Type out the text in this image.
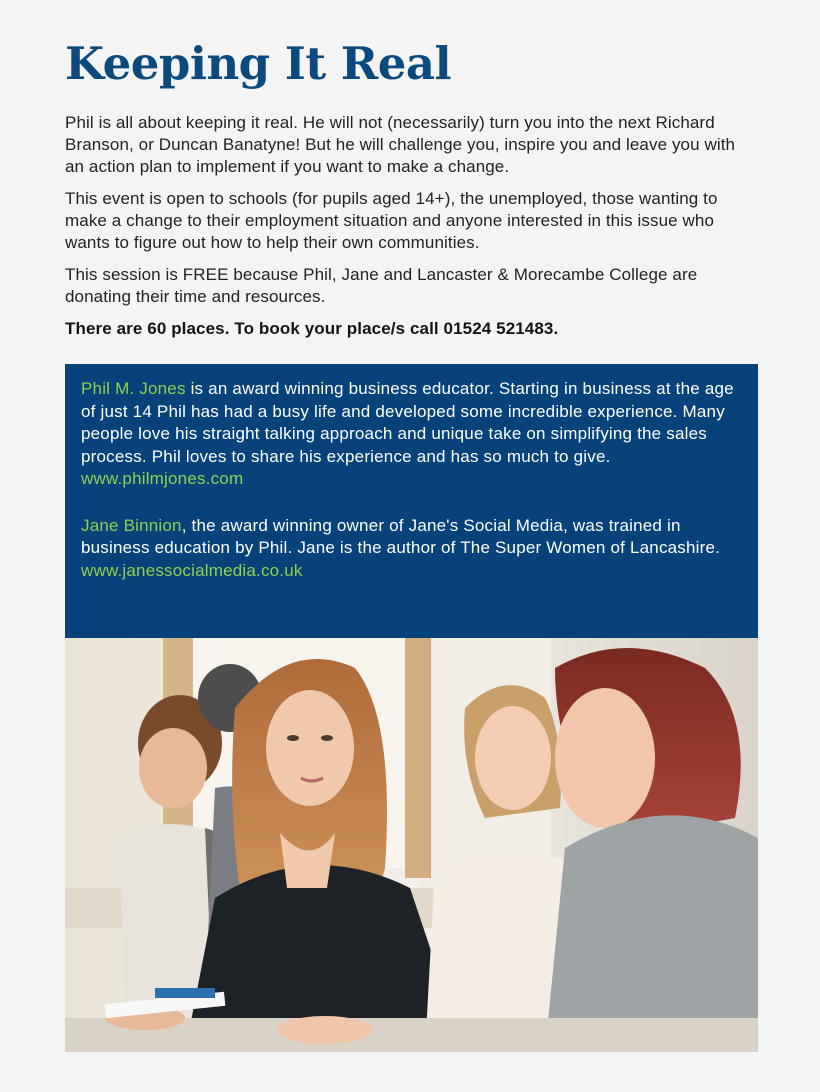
Keeping It Real

Phil is all about keeping it real. He will not (necessarily) turn you into the next Richard Branson, or Duncan Banatyne! But he will challenge you, inspire you and leave you with an action plan to implement if you want to make a change.

This event is open to schools (for pupils aged 14+), the unemployed, those wanting to make a change to their employment situation and anyone interested in this issue who wants to figure out how to help their own communities.

This session is FREE because Phil, Jane and Lancaster & Morecambe College are donating their time and resources.

There are 60 places. To book your place/s call 01524 521483.

Phil M. Jones is an award winning business educator. Starting in business at the age of just 14 Phil has had a busy life and developed some incredible experience. Many people love his straight talking approach and unique take on simplifying the sales process. Phil loves to share his experience and has so much to give. www.philmjones.com

Jane Binnion, the award winning owner of Jane's Social Media, was trained in business education by Phil. Jane is the author of The Super Women of Lancashire. www.janessocialmedia.co.uk
